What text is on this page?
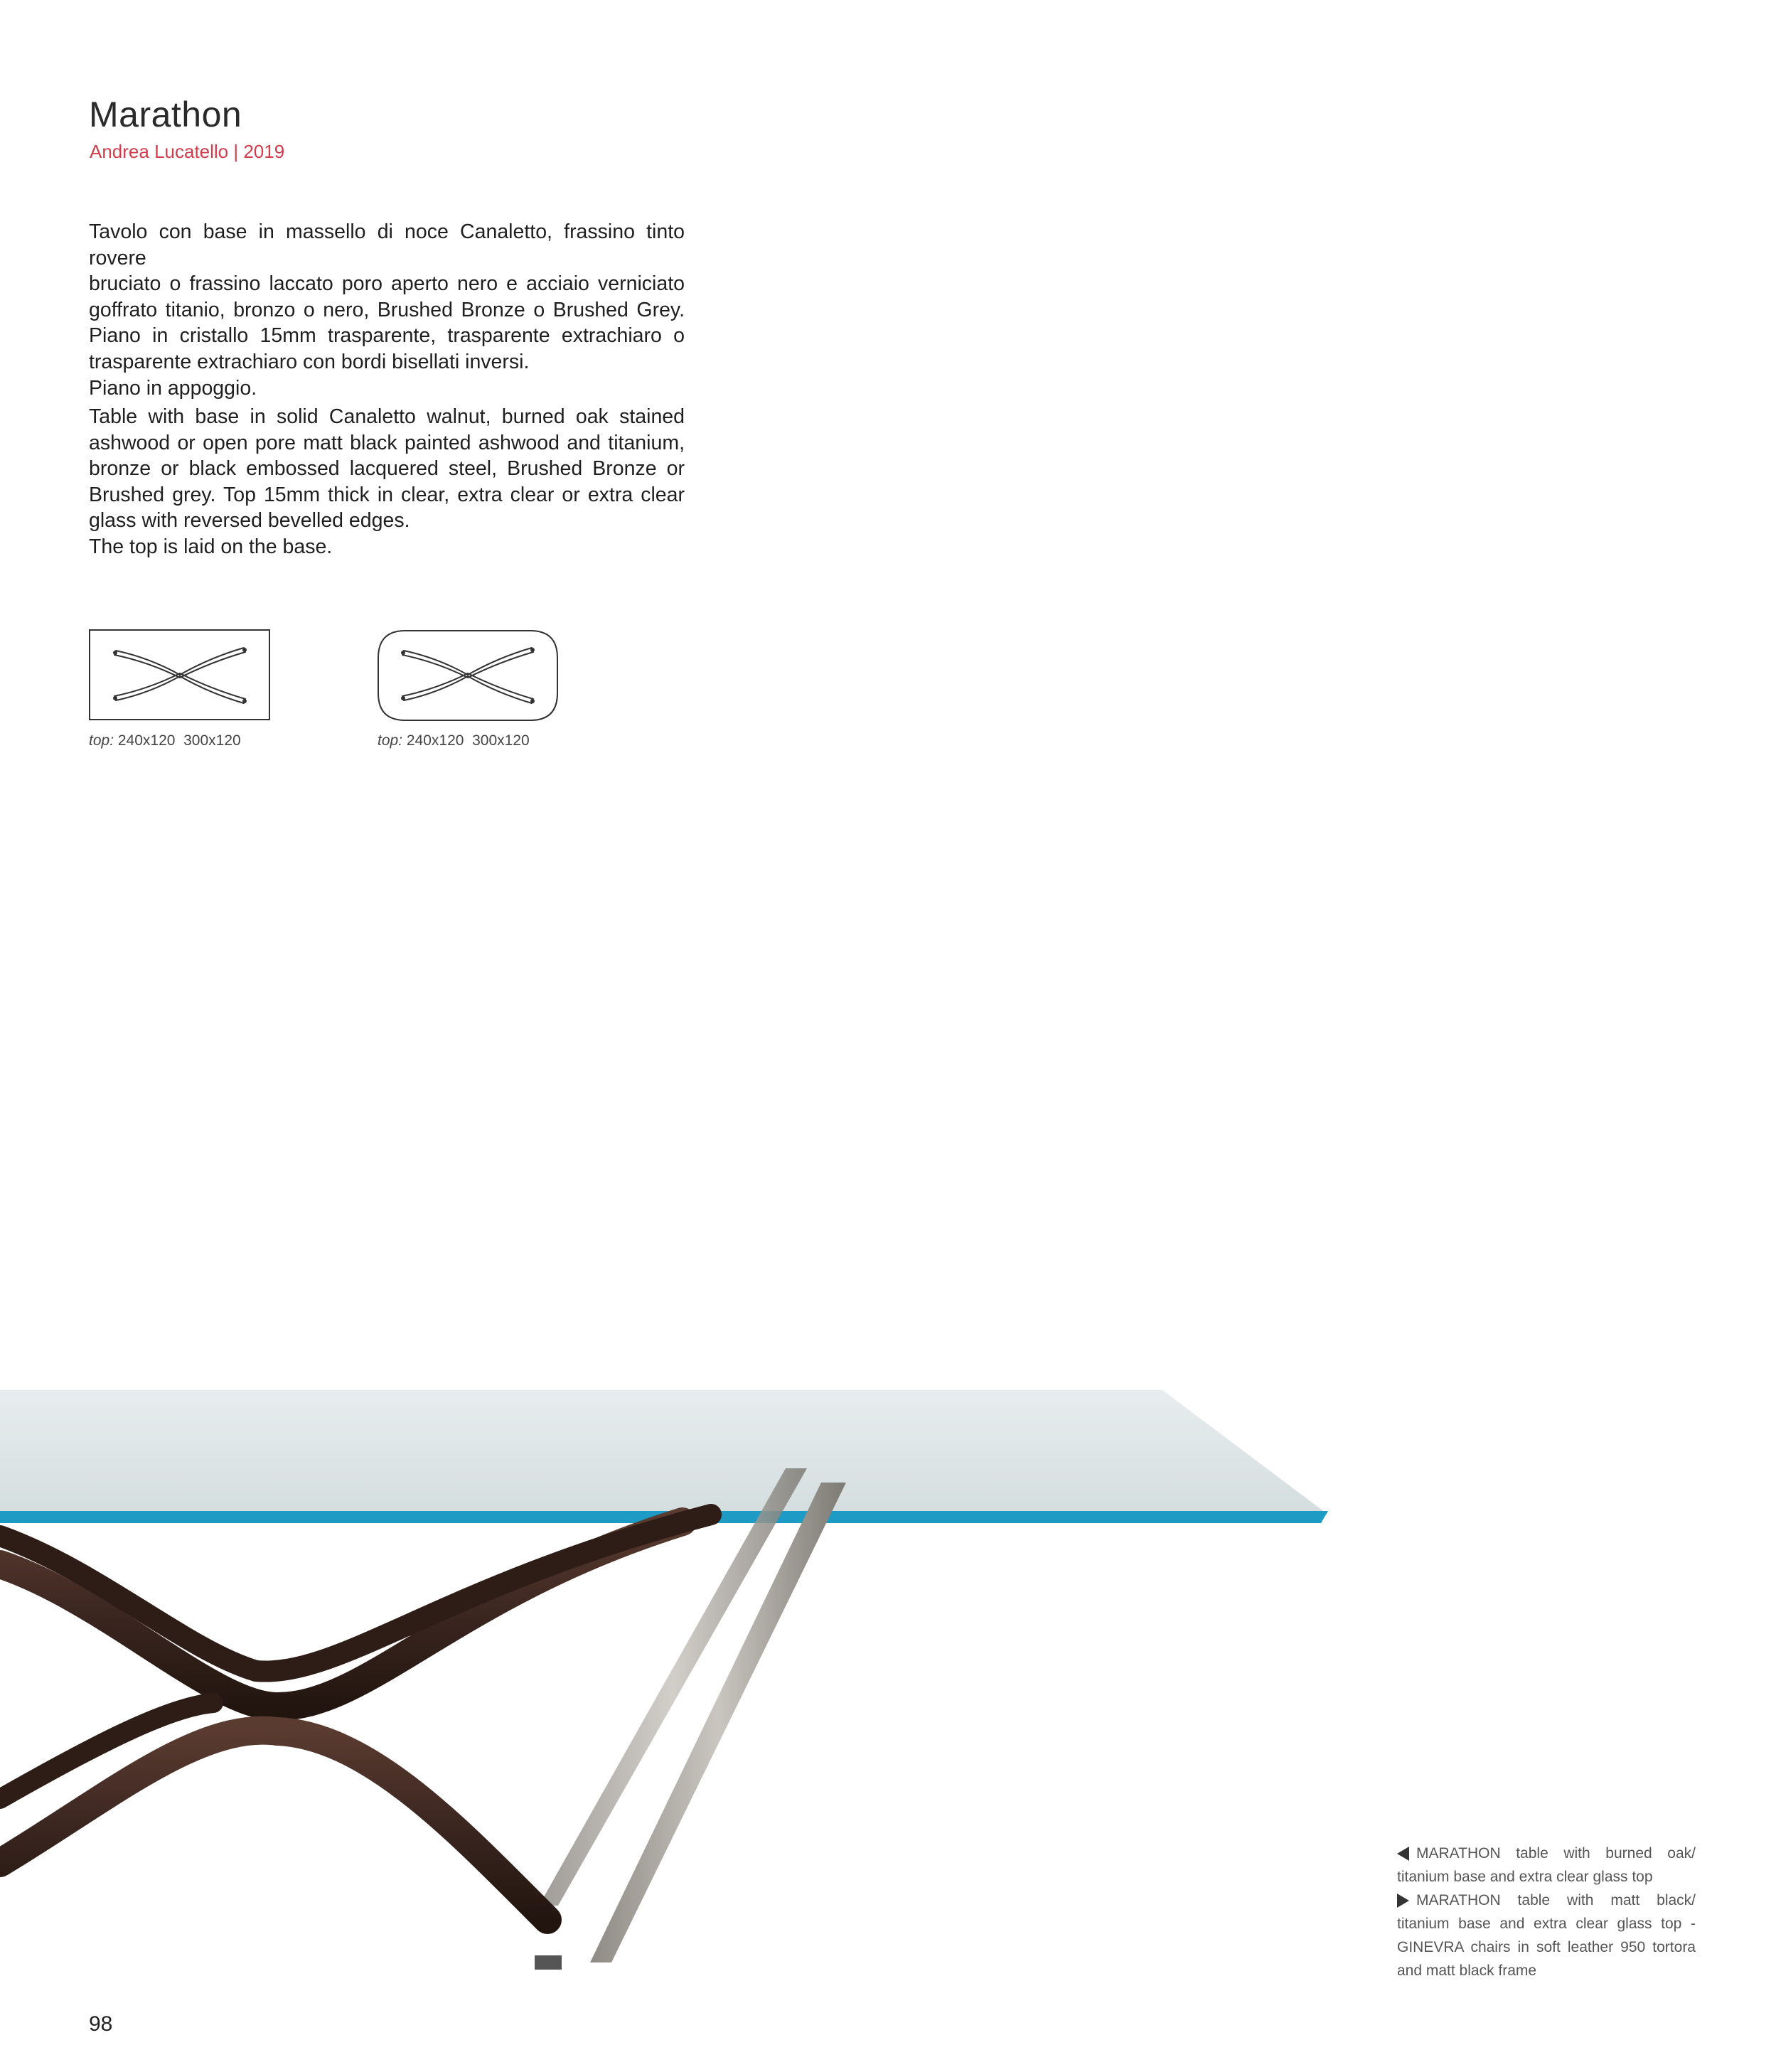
Marathon
Andrea Lucatello | 2019
Tavolo con base in massello di noce Canaletto, frassino tinto rovere
bruciato o frassino laccato poro aperto nero e acciaio verniciato
goffrato titanio, bronzo o nero, Brushed Bronze o Brushed Grey.
Piano in cristallo 15mm trasparente, trasparente extrachiaro o
trasparente extrachiaro con bordi bisellati inversi.
Piano in appoggio.
Table with base in solid Canaletto walnut, burned oak stained
ashwood or open pore matt black painted ashwood and titanium,
bronze or black embossed lacquered steel, Brushed Bronze or
Brushed grey. Top 15mm thick in clear, extra clear or extra clear
glass with reversed bevelled edges.
The top is laid on the base.
top: 240x120  300x120	top: 240x120  300x120
MARATHON table with burned oak/
titanium base and extra clear glass top
MARATHON table with matt black/
titanium base and extra clear glass top -
GINEVRA chairs in soft leather 950 tortora
and matt black frame
98
